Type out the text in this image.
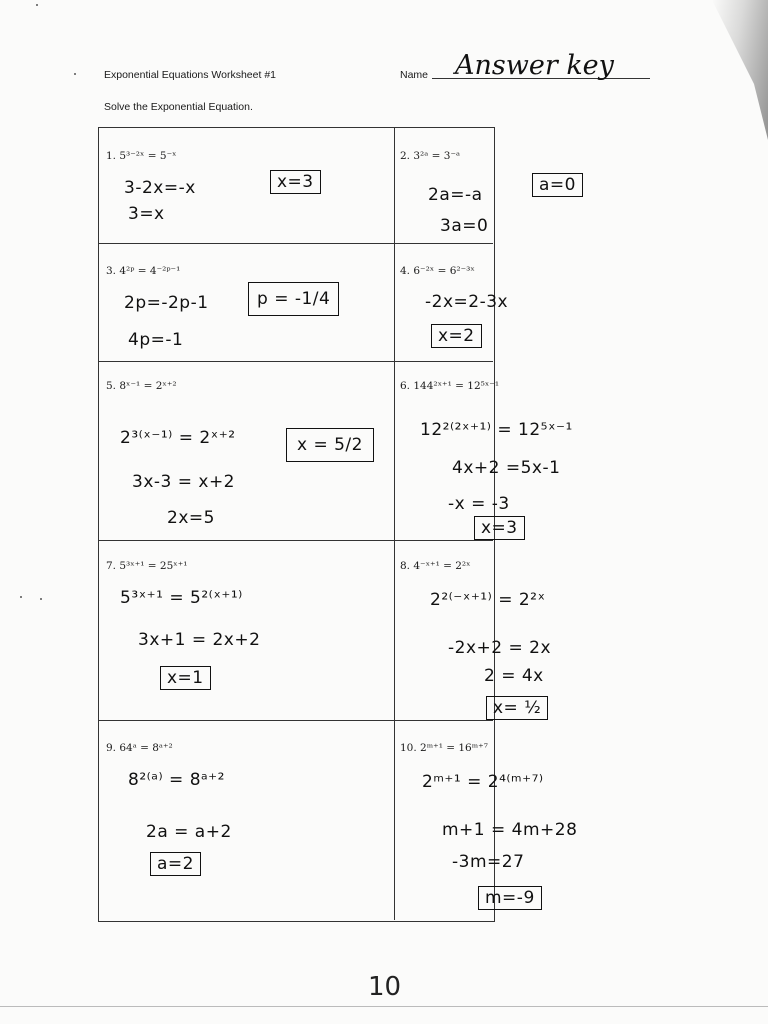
Exponential Equations Worksheet #1	Name Answer key
Solve the Exponential Equation.
1. 5³⁻²ˣ = 5⁻ˣ
3-2x=-x
3=x
x=3
2. 3²ᵃ = 3⁻ᵃ
2a=-a
3a=0
a=0
3. 4²ᵖ = 4⁻²ᵖ⁻¹
2p=-2p-1
4p=-1
p = -1/4
4. 6⁻²ˣ = 6²⁻³ˣ
-2x=2-3x
x=2
5. 8ˣ⁻¹ = 2ˣ⁺²
2³⁽ˣ⁻¹⁾ = 2ˣ⁺²
3x-3 = x+2
2x=5
x = 5/2
6. 144²ˣ⁺¹ = 12⁵ˣ⁻¹
12²⁽²ˣ⁺¹⁾ = 12⁵ˣ⁻¹
4x+2 =5x-1
-x = -3
x=3
7. 5³ˣ⁺¹ = 25ˣ⁺¹
5³ˣ⁺¹ = 5²⁽ˣ⁺¹⁾
3x+1 = 2x+2
x=1
8. 4⁻ˣ⁺¹ = 2²ˣ
2²⁽⁻ˣ⁺¹⁾ = 2²ˣ
-2x+2 = 2x
2 = 4x
x= ½
9. 64ᵃ = 8ᵃ⁺²
8²⁽ᵃ⁾ = 8ᵃ⁺²
2a = a+2
a=2
10. 2ᵐ⁺¹ = 16ᵐ⁺⁷
2ᵐ⁺¹ = 2⁴⁽ᵐ⁺⁷⁾
m+1 = 4m+28
-3m=27
m=-9
10
